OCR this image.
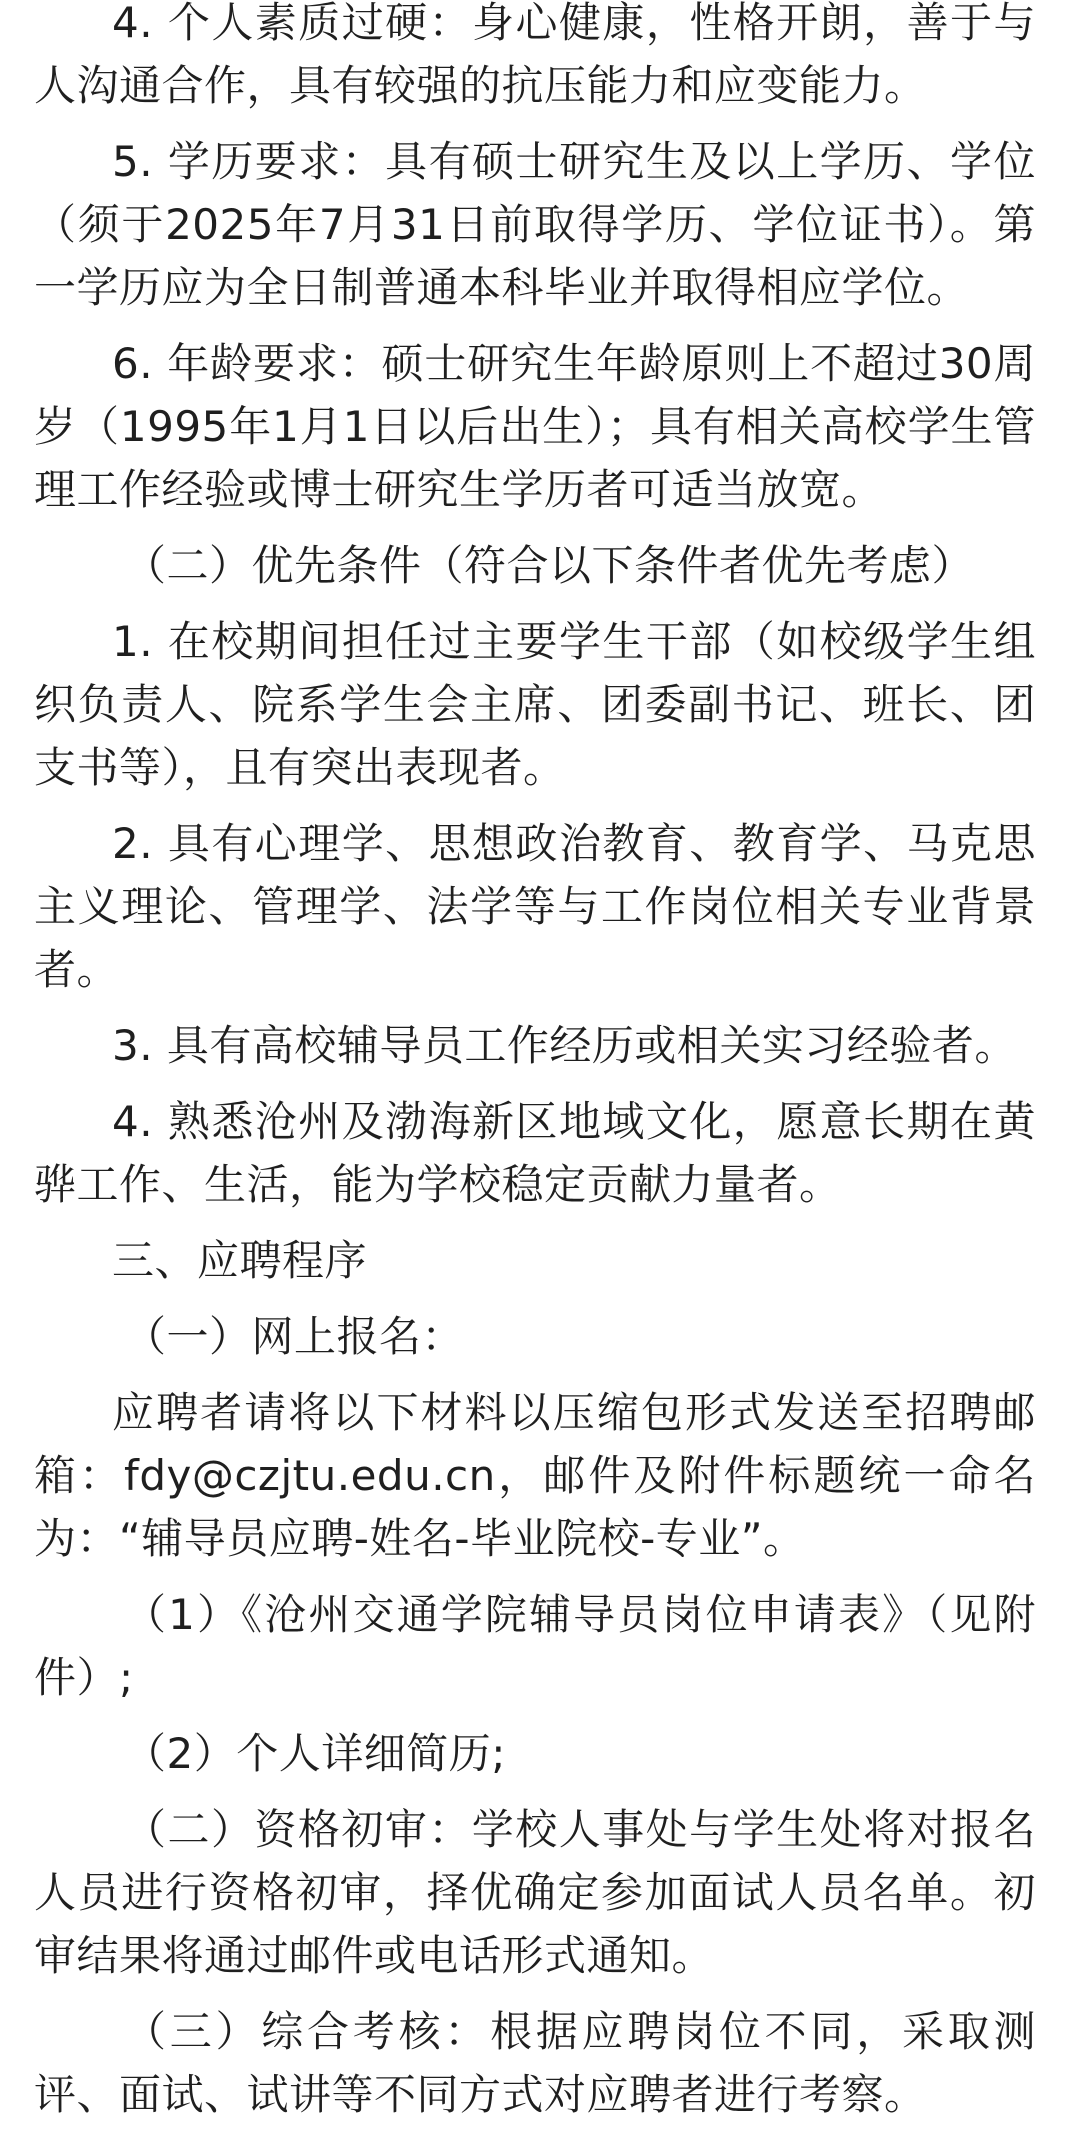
4. 个人素质过硬：身心健康，性格开朗，善于与人沟通合作，具有较强的抗压能力和应变能力。

5. 学历要求：具有硕士研究生及以上学历、学位（须于2025年7月31日前取得学历、学位证书）。第一学历应为全日制普通本科毕业并取得相应学位。

6. 年龄要求：硕士研究生年龄原则上不超过30周岁（1995年1月1日以后出生）；具有相关高校学生管理工作经验或博士研究生学历者可适当放宽。

（二）优先条件（符合以下条件者优先考虑）

1. 在校期间担任过主要学生干部（如校级学生组织负责人、院系学生会主席、团委副书记、班长、团支书等），且有突出表现者。

2. 具有心理学、思想政治教育、教育学、马克思主义理论、管理学、法学等与工作岗位相关专业背景者。

3. 具有高校辅导员工作经历或相关实习经验者。

4. 熟悉沧州及渤海新区地域文化，愿意长期在黄骅工作、生活，能为学校稳定贡献力量者。

三、应聘程序

（一）网上报名：

应聘者请将以下材料以压缩包形式发送至招聘邮箱：fdy@czjtu.edu.cn，邮件及附件标题统一命名为：“辅导员应聘-姓名-毕业院校-专业”。

（1）《沧州交通学院辅导员岗位申请表》（见附件）;

（2）个人详细简历;

（二）资格初审：学校人事处与学生处将对报名人员进行资格初审，择优确定参加面试人员名单。初审结果将通过邮件或电话形式通知。

（三）综合考核：根据应聘岗位不同，采取测评、面试、试讲等不同方式对应聘者进行考察。
